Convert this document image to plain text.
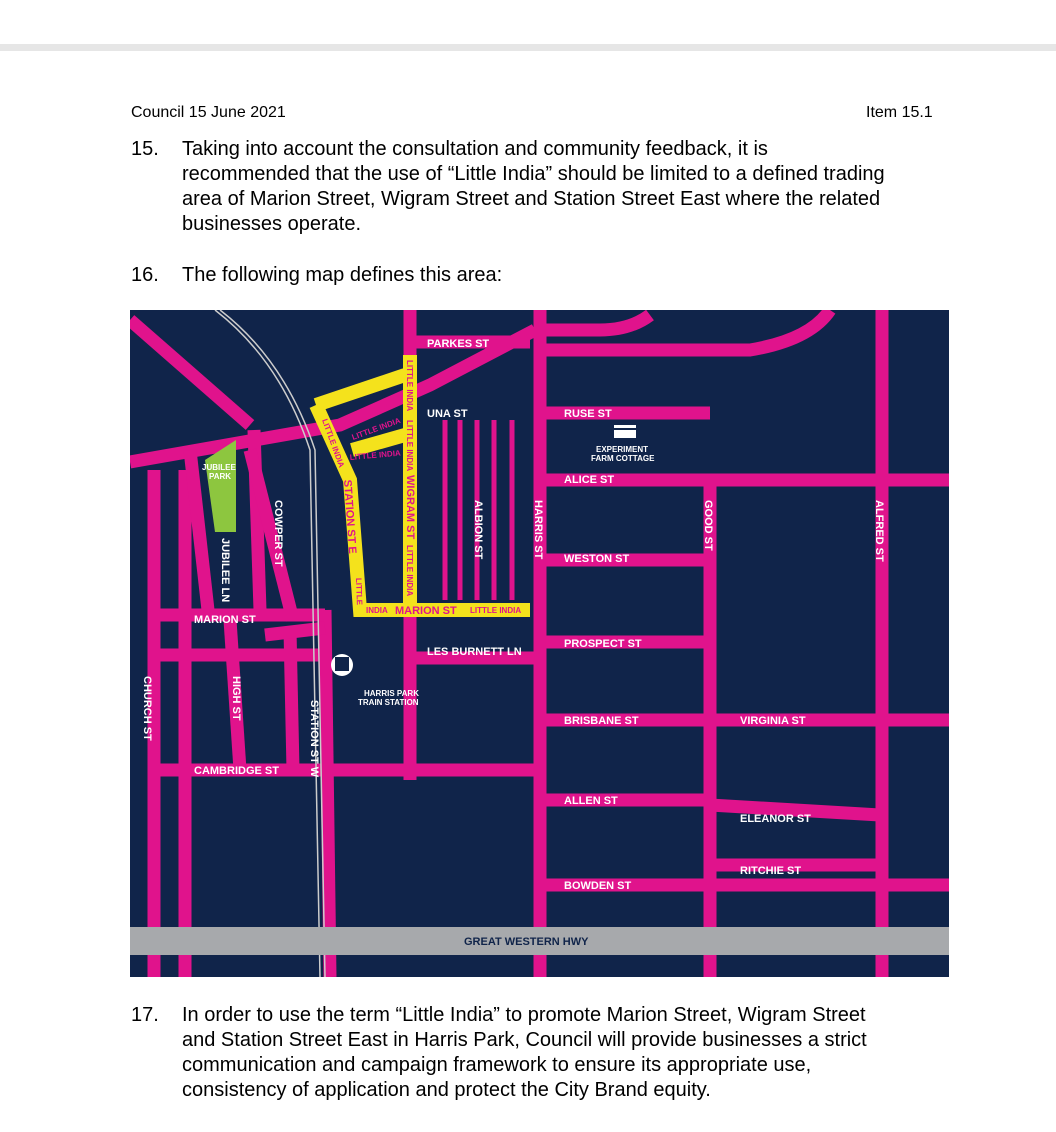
Council 15 June 2021	Item 15.1
15. Taking into account the consultation and community feedback, it is
recommended that the use of “Little India” should be limited to a defined trading
area of Marion Street, Wigram Street and Station Street East where the related
businesses operate.
16. The following map defines this area:
PARKES ST
UNA ST	RUSE ST
ALICE ST
WESTON ST
PROSPECT ST
LES BURNETT LN
MARION ST
CAMBRIDGE ST
BRISBANE ST	VIRGINIA ST
ALLEN ST
ELEANOR ST
RITCHIE ST
BOWDEN ST
GREAT WESTERN HWY
CHURCH ST	HIGH ST
JUBILEE LN
COWPER ST
STATION ST W
ALBION ST	HARRIS ST	GOOD ST	ALFRED ST
JUBILEE
PARK
EXPERIMENT
FARM COTTAGE
HARRIS PARK
TRAIN STATION
LITTLE INDIA
LITTLE INDIA
WIGRAM ST
LITTLE INDIA
LITTLE INDIA
STATION ST E
LITTLE
INDIA MARION ST LITTLE INDIA
LITTLE INDIA
LITTLE INDIA
17. In order to use the term “Little India” to promote Marion Street, Wigram Street
and Station Street East in Harris Park, Council will provide businesses a strict
communication and campaign framework to ensure its appropriate use,
consistency of application and protect the City Brand equity.
